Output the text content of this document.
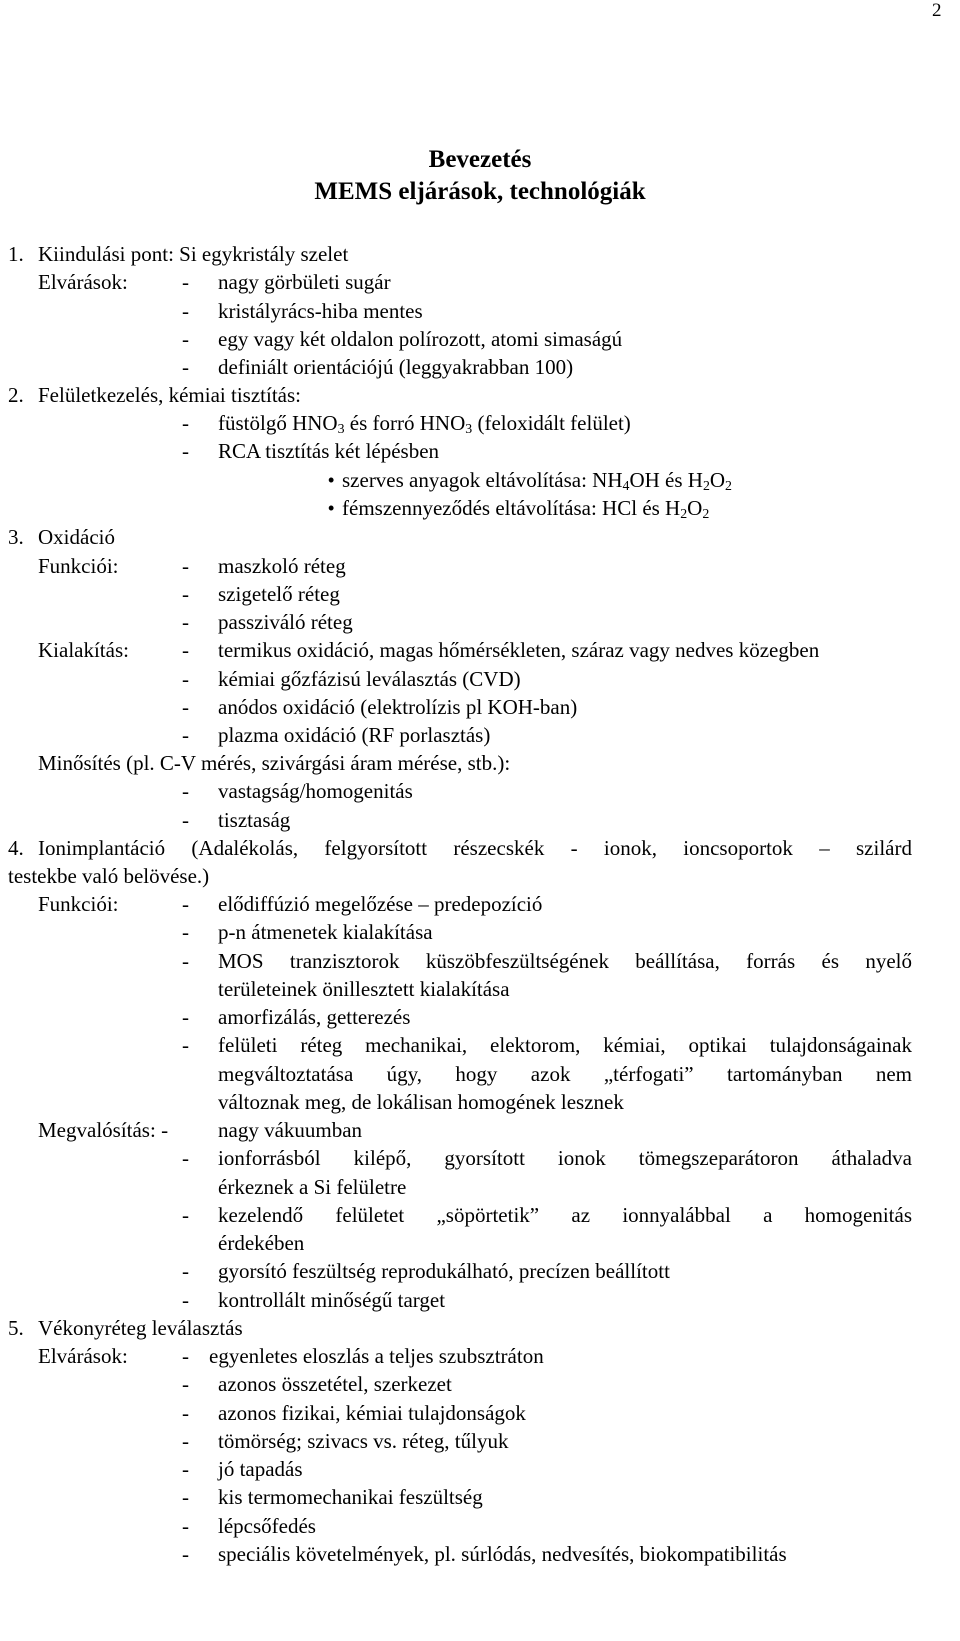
2
Bevezetés
MEMS eljárások, technológiák
1. Kiindulási pont: Si egykristály szelet
Elvárások:	- nagy görbületi sugár
- kristályrács-hiba mentes
- egy vagy két oldalon polírozott, atomi simaságú
- definiált orientációjú (leggyakrabban 100)
2. Felületkezelés, kémiai tisztítás:
- füstölgő $HNO_3$ és forró $HNO_3$ (feloxidált felület)
- RCA tisztítás két lépésben
• szerves anyagok eltávolítása: $NH_4OH$ és $H_2O_2$
• fémszennyeződés eltávolítása: HCl és $H_2O_2$
3. Oxidáció
Funkciói:	- maszkoló réteg
- szigetelő réteg
- passziváló réteg
Kialakítás:	- termikus oxidáció, magas hőmérsékleten, száraz vagy nedves közegben
- kémiai gőzfázisú leválasztás (CVD)
- anódos oxidáció (elektrolízis pl KOH-ban)
- plazma oxidáció (RF porlasztás)
Minősítés (pl. C-V mérés, szivárgási áram mérése, stb.):
- vastagság/homogenitás
- tisztaság
4. Ionimplantáció (Adalékolás, felgyorsított részecskék - ionok, ioncsoportok – szilárd
testekbe való belövése.)
Funkciói:	- elődiffúzió megelőzése – predepozíció
- p-n átmenetek kialakítása
- MOS tranzisztorok küszöbfeszültségének beállítása, forrás és nyelő
területeinek önillesztett kialakítása
- amorfizálás, getterezés
- felületi réteg mechanikai, elektorom, kémiai, optikai tulajdonságainak
megváltoztatása úgy, hogy azok „térfogati” tartományban nem
változnak meg, de lokálisan homogének lesznek
Megvalósítás: - nagy vákuumban
- ionforrásból kilépő, gyorsított ionok tömegszeparátoron áthaladva
érkeznek a Si felületre
- kezelendő felületet „söpörtetik” az ionnyalábbal a homogenitás
érdekében
- gyorsító feszültség reprodukálható, precízen beállított
- kontrollált minőségű target
5. Vékonyréteg leválasztás
Elvárások:	- egyenletes eloszlás a teljes szubsztráton
- azonos összetétel, szerkezet
- azonos fizikai, kémiai tulajdonságok
- tömörség; szivacs vs. réteg, tűlyuk
- jó tapadás
- kis termomechanikai feszültség
- lépcsőfedés
- speciális követelmények, pl. súrlódás, nedvesítés, biokompatibilitás
